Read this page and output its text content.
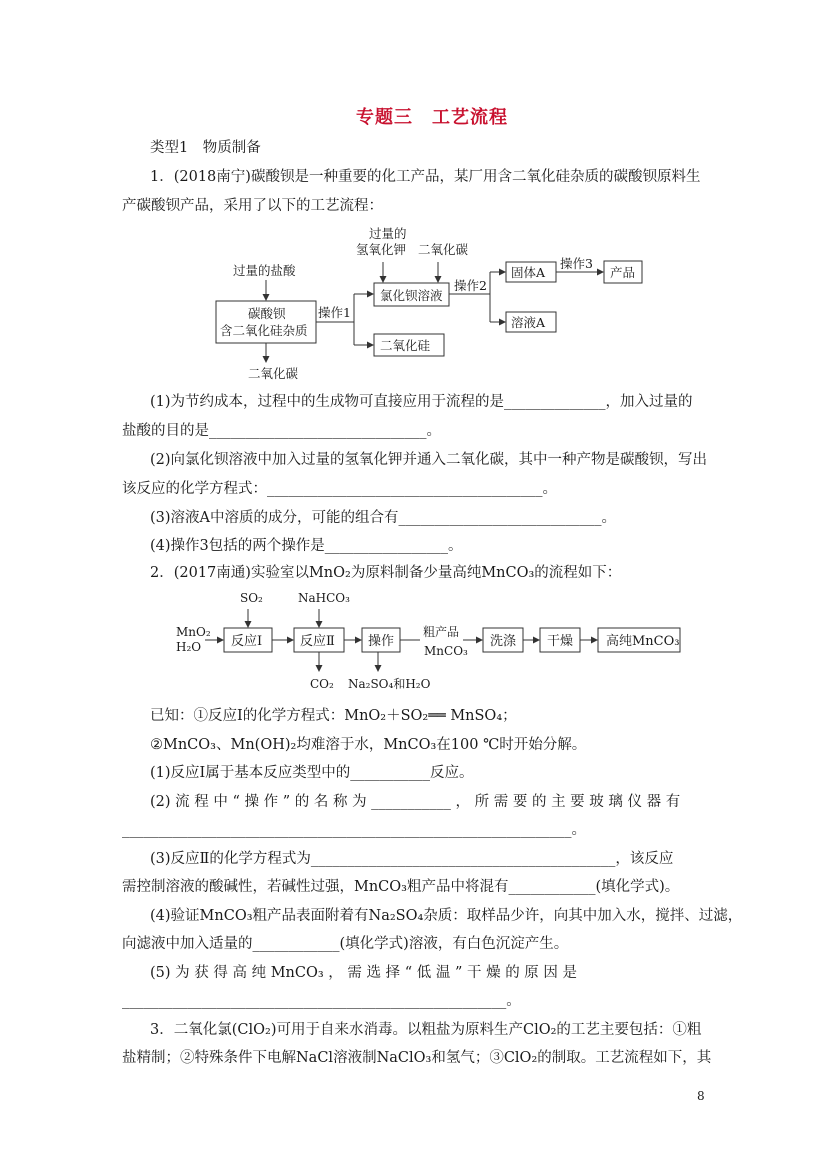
专题三　工艺流程
类型1　物质制备
1．(2018南宁)碳酸钡是一种重要的化工产品，某厂用含二氧化硅杂质的碳酸钡原料生
产碳酸钡产品，采用了以下的工艺流程：
过量的盐酸
过量的
氢氧化钾 二氧化碳
碳酸钡
含二氧化硅杂质
操作1
氯化钡溶液
操作2
固体A
操作3
产品
溶液A
二氧化硅
二氧化碳
(1)为节约成本，过程中的生成物可直接应用于流程的是______________，加入过量的
盐酸的目的是______________________________。
(2)向氯化钡溶液中加入过量的氢氧化钾并通入二氧化碳，其中一种产物是碳酸钡，写出
该反应的化学方程式：______________________________________。
(3)溶液A中溶质的成分，可能的组合有____________________________。
(4)操作3包括的两个操作是_________________。
2．(2017南通)实验室以MnO₂为原料制备少量高纯MnCO₃的流程如下：
MnO₂
H₂O
SO₂	NaHCO₃
反应Ⅰ	反应Ⅱ	操作
粗产品
MnCO₃
洗涤 干燥	高纯MnCO₃
CO₂ Na₂SO₄和H₂O
已知：①反应Ⅰ的化学方程式：MnO₂＋SO₂══ MnSO₄；
②MnCO₃、Mn(OH)₂均难溶于水，MnCO₃在100 ℃时开始分解。
(1)反应Ⅰ属于基本反应类型中的___________反应。
(2) 流 程 中 “ 操 作 ” 的 名 称 为 ___________ ， 所 需 要 的 主 要 玻 璃 仪 器 有
______________________________________________________________。
(3)反应Ⅱ的化学方程式为__________________________________________，该反应
需控制溶液的酸碱性，若碱性过强，MnCO₃粗产品中将混有____________(填化学式)。
(4)验证MnCO₃粗产品表面附着有Na₂SO₄杂质：取样品少许，向其中加入水，搅拌、过滤，
向滤液中加入适量的____________(填化学式)溶液，有白色沉淀产生。
(5) 为 获 得 高 纯 MnCO₃ ， 需 选 择 “ 低 温 ” 干 燥 的 原 因 是
_____________________________________________________。
3．二氧化氯(ClO₂)可用于自来水消毒。以粗盐为原料生产ClO₂的工艺主要包括：①粗
盐精制；②特殊条件下电解NaCl溶液制NaClO₃和氢气；③ClO₂的制取。工艺流程如下，其
8
